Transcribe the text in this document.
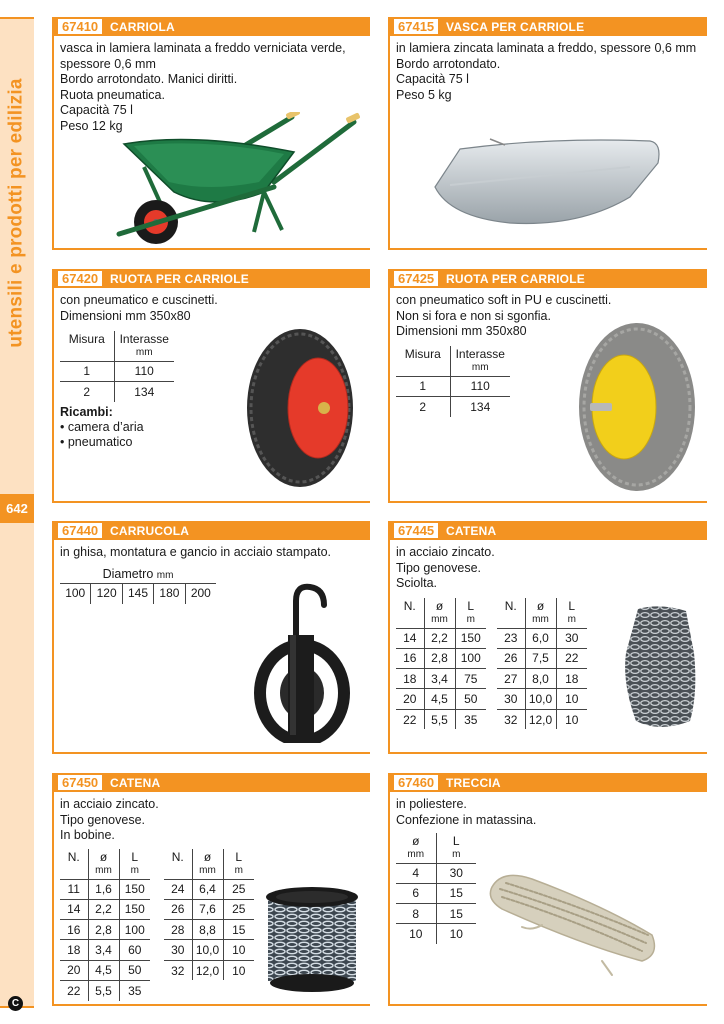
utensili e prodotti per edilizia
642
C
67410 CARRIOLA
vasca in lamiera laminata a freddo verniciata verde,
spessore 0,6 mm
Bordo arrotondato. Manici diritti.
Ruota pneumatica.
Capacità 75 l
Peso 12 kg
67415 VASCA PER CARRIOLE
in lamiera zincata laminata a freddo, spessore 0,6 mm
Bordo arrotondato.
Capacità 75 l
Peso 5 kg
67420 RUOTA PER CARRIOLE
con pneumatico e cuscinetti.
Dimensioni mm 350x80
Misura	Interasse
mm

1	110
2	134
Ricambi:
• camera d’aria
• pneumatico
67425 RUOTA PER CARRIOLE
con pneumatico soft in PU e cuscinetti.
Non si fora e non si sgonfia.
Dimensioni mm 350x80
Misura	Interasse
mm

1	110
2	134
67440 CARRUCOLA
in ghisa, montatura e gancio in acciaio stampato.
Diametro mm
100 120 145 180 200
67445 CATENA
in acciaio zincato.
Tipo genovese.
Sciolta.
N.	ø
mm	L
m

14	2,2	150
16	2,8	100
18	3,4	75
20	4,5	50
22	5,5	35
N.	ø
mm	L
m

23	6,0	30
26	7,5	22
27	8,0	18
30	10,0	10
32	12,0	10
67450 CATENA
in acciaio zincato.
Tipo genovese.
In bobine.
N.	ø
mm	L
m

11	1,6	150
14	2,2	150
16	2,8	100
18	3,4	60
20	4,5	50
22	5,5	35
N.	ø
mm	L
m

24	6,4	25
26	7,6	25
28	8,8	15
30	10,0	10
32	12,0	10
67460 TRECCIA
in poliestere.
Confezione in matassina.
ø
mm	L
m

4	30
6	15
8	15
10	10
